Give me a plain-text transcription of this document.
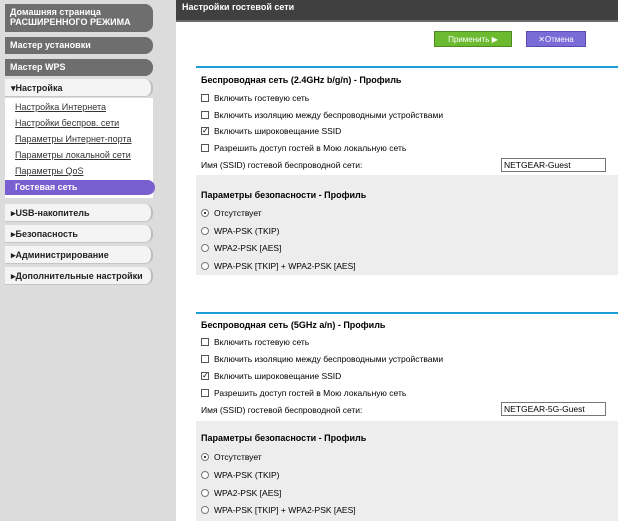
Домашняя страница РАСШИРЕННОГО РЕЖИМА
Мастер установки
Мастер WPS
▾Настройка
Настройка Интернета
Настройки беспров. сети
Параметры Интернет-порта
Параметры локальной сети
Параметры QoS
Гостевая сеть
▸USB-накопитель
▸Безопасность
▸Администрирование
▸Дополнительные настройки
Настройки гостевой сети
Применить ▶	✕Отмена
Беспроводная сеть (2.4GHz b/g/n) - Профиль
Включить гостевую сеть
Включить изоляцию между беспроводными устройствами
✓ Включить широковещание SSID
Разрешить доступ гостей в Мою локальную сеть
Имя (SSID) гостевой беспроводной сети:
NETGEAR-Guest
Параметры безопасности - Профиль
Отсутствует
WPA-PSK (TKIP)
WPA2-PSK [AES]
WPA-PSK [TKIP] + WPA2-PSK [AES]
Беспроводная сеть (5GHz a/n) - Профиль
Включить гостевую сеть
Включить изоляцию между беспроводными устройствами
✓ Включить широковещание SSID
Разрешить доступ гостей в Мою локальную сеть
Имя (SSID) гостевой беспроводной сети:
NETGEAR-5G-Guest
Параметры безопасности - Профиль
Отсутствует
WPA-PSK (TKIP)
WPA2-PSK [AES]
WPA-PSK [TKIP] + WPA2-PSK [AES]
